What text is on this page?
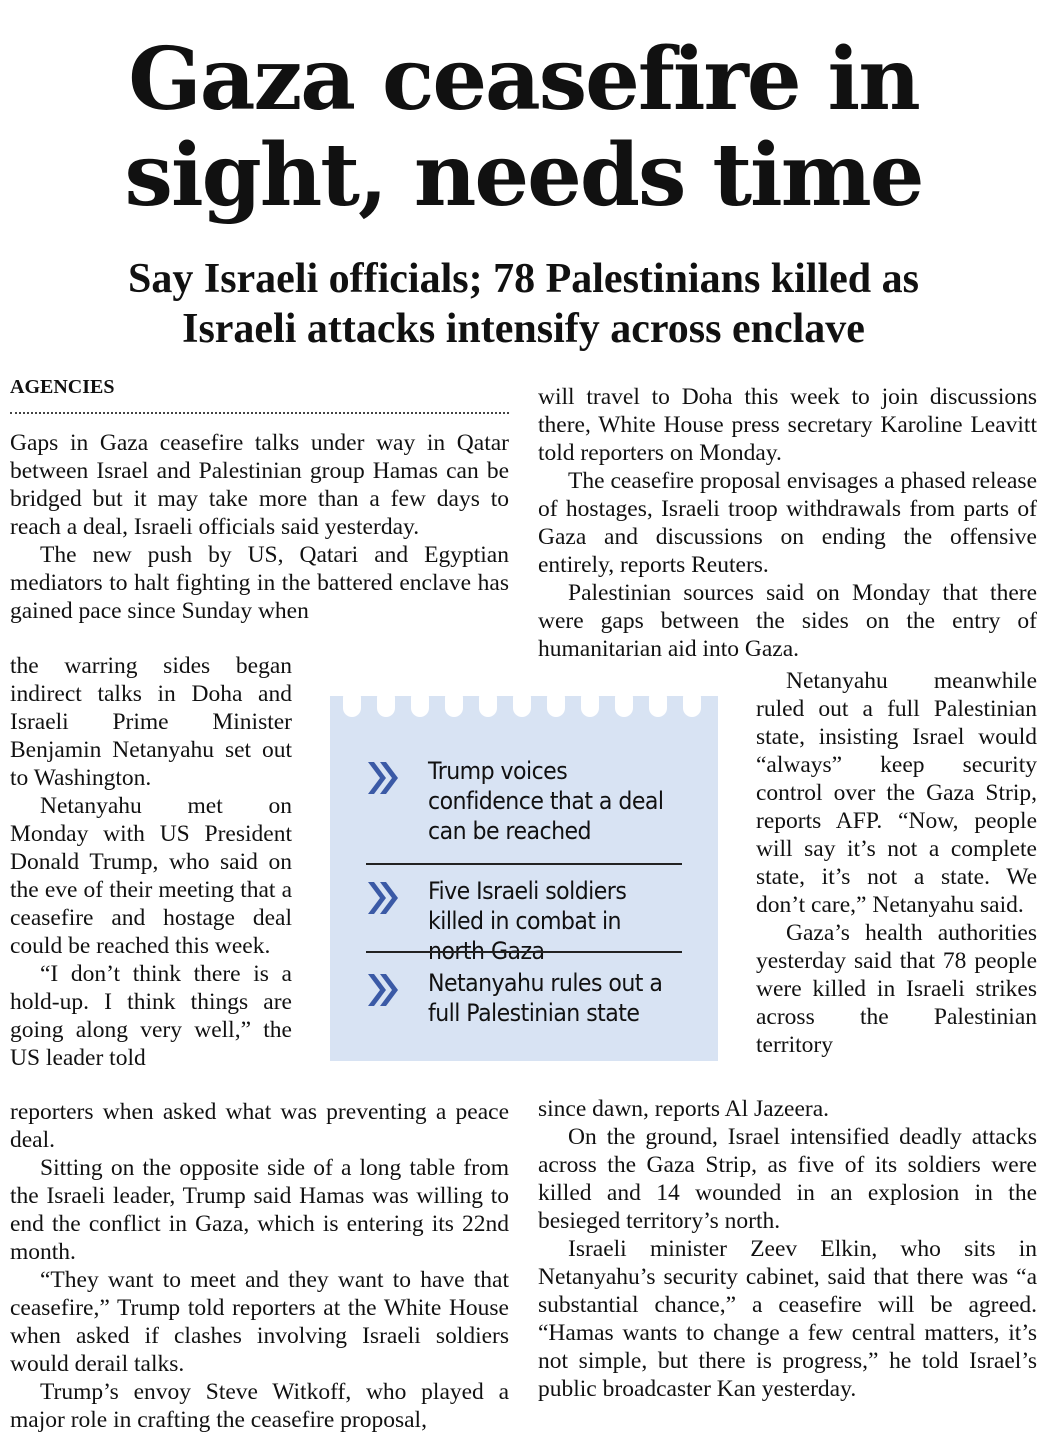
Gaza ceasefire in
sight, needs time
Say Israeli officials; 78 Palestinians killed as
Israeli attacks intensify across enclave
AGENCIES

Gaps in Gaza ceasefire talks under way in Qatar between Israel and Palestinian group Hamas can be bridged but it may take more than a few days to reach a deal, Israeli officials said yesterday.

The new push by US, Qatari and Egyptian mediators to halt fighting in the battered enclave has gained pace since Sunday when

the warring sides began indirect talks in Doha and Israeli Prime Minister Benjamin Netanyahu set out to Washington.

Netanyahu met on Monday with US President Donald Trump, who said on the eve of their meeting that a ceasefire and hostage deal could be reached this week.

“I don’t think there is a hold-up. I think things are going along very well,” the US leader told

reporters when asked what was preventing a peace deal.

Sitting on the opposite side of a long table from the Israeli leader, Trump said Hamas was willing to end the conflict in Gaza, which is entering its 22nd month.

“They want to meet and they want to have that ceasefire,” Trump told reporters at the White House when asked if clashes involving Israeli soldiers would derail talks.

Trump’s envoy Steve Witkoff, who played a major role in crafting the ceasefire proposal,

will travel to Doha this week to join discussions there, White House press secretary Karoline Leavitt told reporters on Monday.

The ceasefire proposal envisages a phased release of hostages, Israeli troop withdrawals from parts of Gaza and discussions on ending the offensive entirely, reports Reuters.

Palestinian sources said on Monday that there were gaps between the sides on the entry of humanitarian aid into Gaza.

Netanyahu meanwhile ruled out a full Palestinian state, insisting Israel would “always” keep security control over the Gaza Strip, reports AFP. “Now, people will say it’s not a complete state, it’s not a state. We don’t care,” Netanyahu said.

Gaza’s health authorities yesterday said that 78 people were killed in Israeli strikes across the Palestinian territory

since dawn, reports Al Jazeera.

On the ground, Israel intensified deadly attacks across the Gaza Strip, as five of its soldiers were killed and 14 wounded in an explosion in the besieged territory’s north.

Israeli minister Zeev Elkin, who sits in Netanyahu’s security cabinet, said that there was “a substantial chance,” a ceasefire will be agreed. “Hamas wants to change a few central matters, it’s not simple, but there is progress,” he told Israel’s public broadcaster Kan yesterday.

Trump voices confidence that a deal can be reached
Five Israeli soldiers killed in combat in north Gaza
Netanyahu rules out a full Palestinian state
